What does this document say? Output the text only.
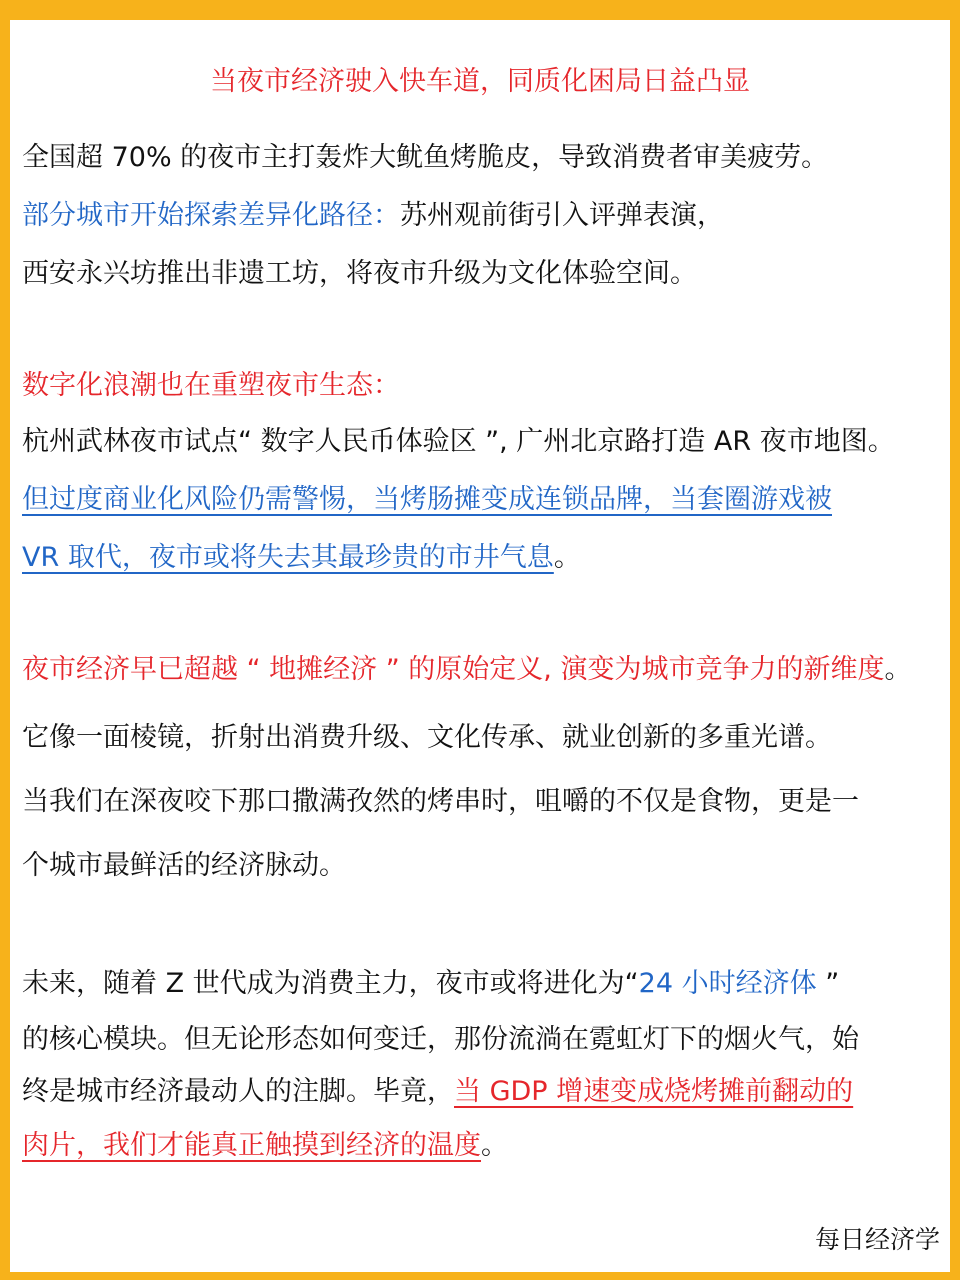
当夜市经济驶入快车道，同质化困局日益凸显
全国超 70% 的夜市主打轰炸大鱿鱼烤脆皮，导致消费者审美疲劳。
部分城市开始探索差异化路径：苏州观前街引入评弹表演，
西安永兴坊推出非遗工坊，将夜市升级为文化体验空间。
数字化浪潮也在重塑夜市生态：
杭州武林夜市试点“ 数字人民币体验区 ”, 广州北京路打造 AR 夜市地图。
但过度商业化风险仍需警惕，当烤肠摊变成连锁品牌，当套圈游戏被
VR 取代，夜市或将失去其最珍贵的市井气息。
夜市经济早已超越 “ 地摊经济 ” 的原始定义, 演变为城市竞争力的新维度。
它像一面棱镜，折射出消费升级、文化传承、就业创新的多重光谱。
当我们在深夜咬下那口撒满孜然的烤串时，咀嚼的不仅是食物，更是一
个城市最鲜活的经济脉动。
未来，随着 Z 世代成为消费主力，夜市或将进化为“24 小时经济体 ”
的核心模块。但无论形态如何变迁，那份流淌在霓虹灯下的烟火气，始
终是城市经济最动人的注脚。毕竟，当 GDP 增速变成烧烤摊前翻动的
肉片，我们才能真正触摸到经济的温度。
每日经济学
